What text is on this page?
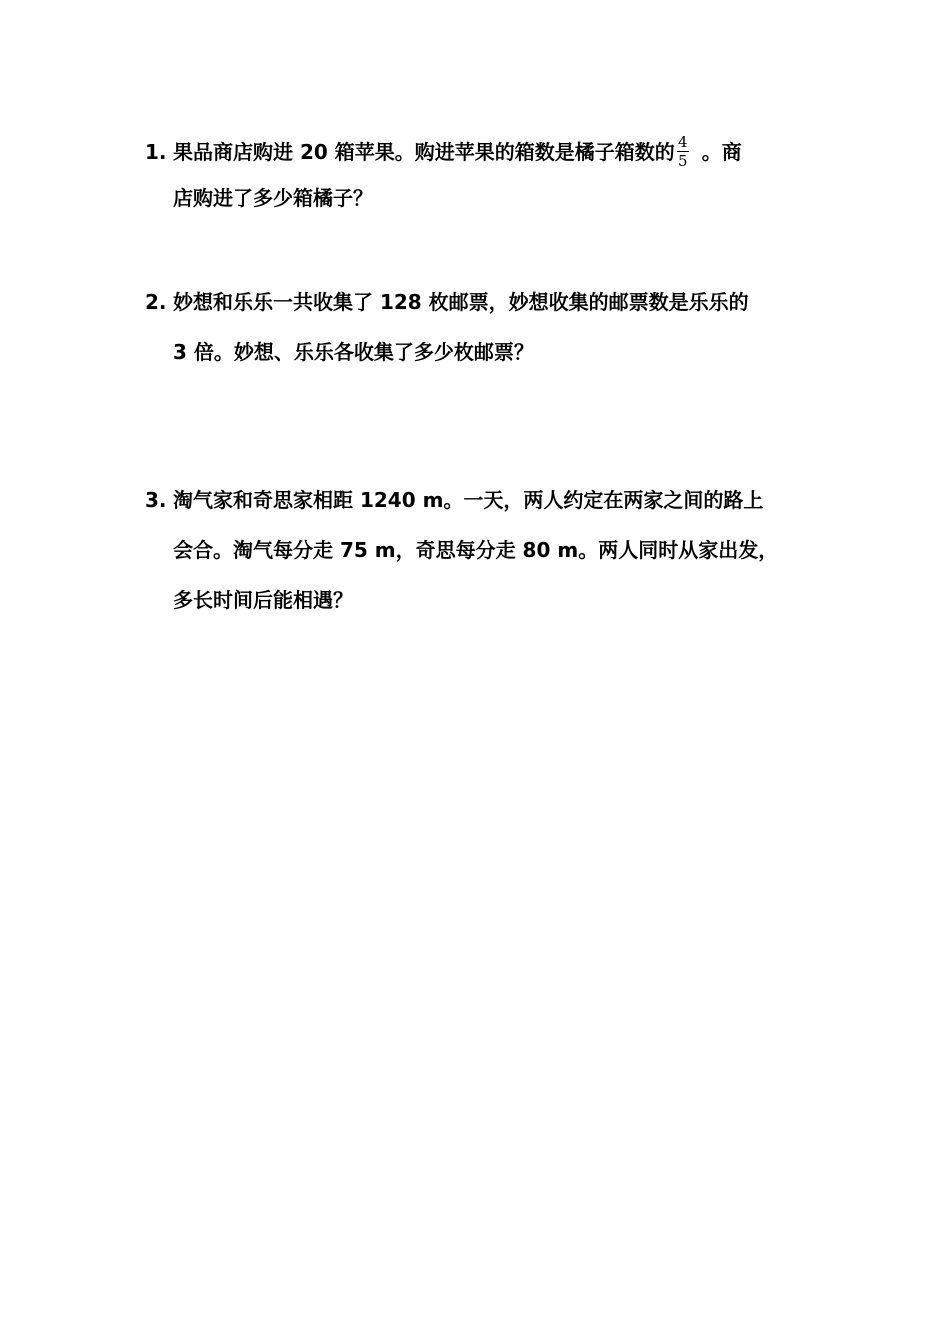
1. 果品商店购进 20 箱苹果。购进苹果的箱数是橘子箱数的 $\frac{4}{5}$ 。商
店购进了多少箱橘子？
2. 妙想和乐乐一共收集了 128 枚邮票，妙想收集的邮票数是乐乐的
3 倍。妙想、乐乐各收集了多少枚邮票？
3. 淘气家和奇思家相距 1240 m。一天，两人约定在两家之间的路上
会合。淘气每分走 75 m，奇思每分走 80 m。两人同时从家出发，
多长时间后能相遇？
